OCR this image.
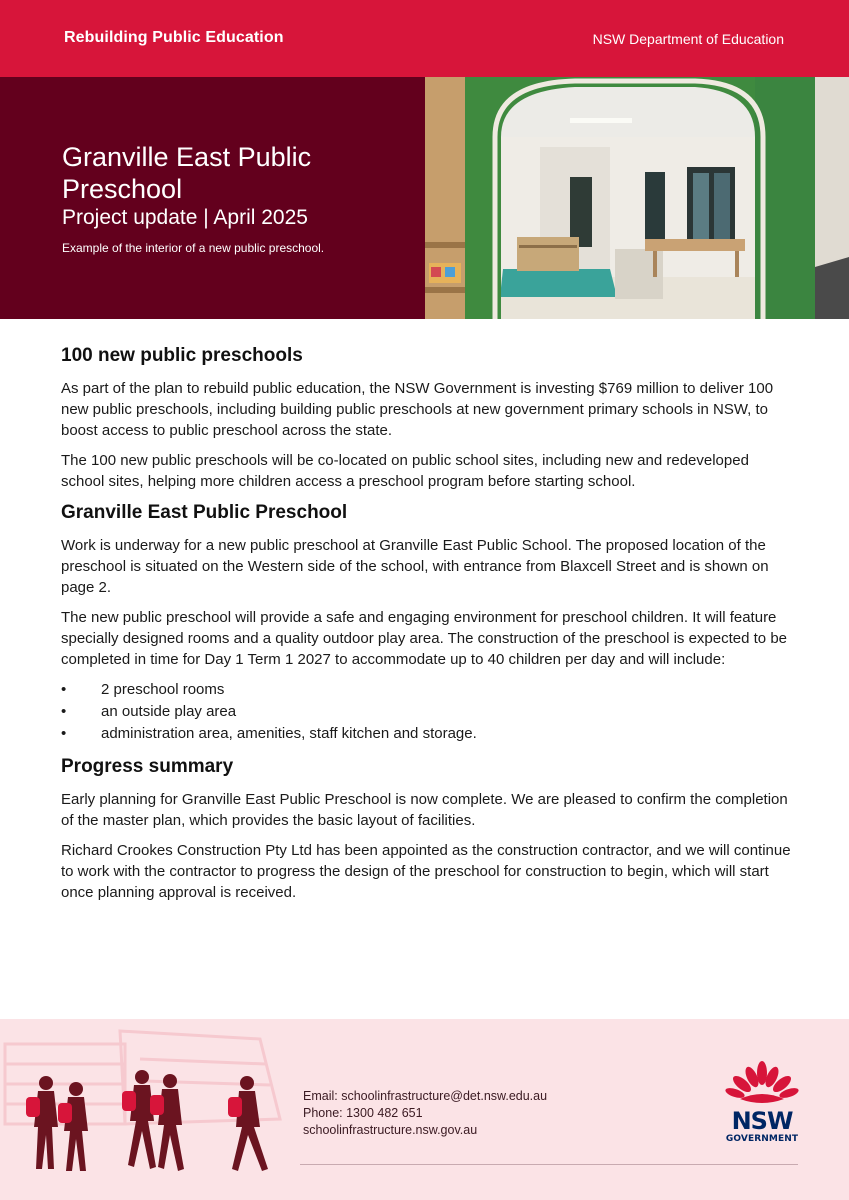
Rebuilding Public Education	NSW Department of Education
Granville East Public Preschool
Project update | April 2025
Example of the interior of a new public preschool.
100 new public preschools

As part of the plan to rebuild public education, the NSW Government is investing $769 million to deliver 100 new public preschools, including building public preschools at new government primary schools in NSW, to boost access to public preschool across the state.

The 100 new public preschools will be co-located on public school sites, including new and redeveloped school sites, helping more children access a preschool program before starting school.

Granville East Public Preschool

Work is underway for a new public preschool at Granville East Public School. The proposed location of the preschool is situated on the Western side of the school, with entrance from Blaxcell Street and is shown on page 2.

The new public preschool will provide a safe and engaging environment for preschool children. It will feature specially designed rooms and a quality outdoor play area. The construction of the preschool is expected to be completed in time for Day 1 Term 1 2027 to accommodate up to 40 children per day and will include:

• 2 preschool rooms
• an outside play area
• administration area, amenities, staff kitchen and storage.
Progress summary

Early planning for Granville East Public Preschool is now complete. We are pleased to confirm the completion of the master plan, which provides the basic layout of facilities.

Richard Crookes Construction Pty Ltd has been appointed as the construction contractor, and we will continue to work with the contractor to progress the design of the preschool for construction to begin, which will start once planning approval is received.

Email: schoolinfrastructure@det.nsw.edu.au
Phone: 1300 482 651
schoolinfrastructure.nsw.gov.au	NSW
GOVERNMENT
